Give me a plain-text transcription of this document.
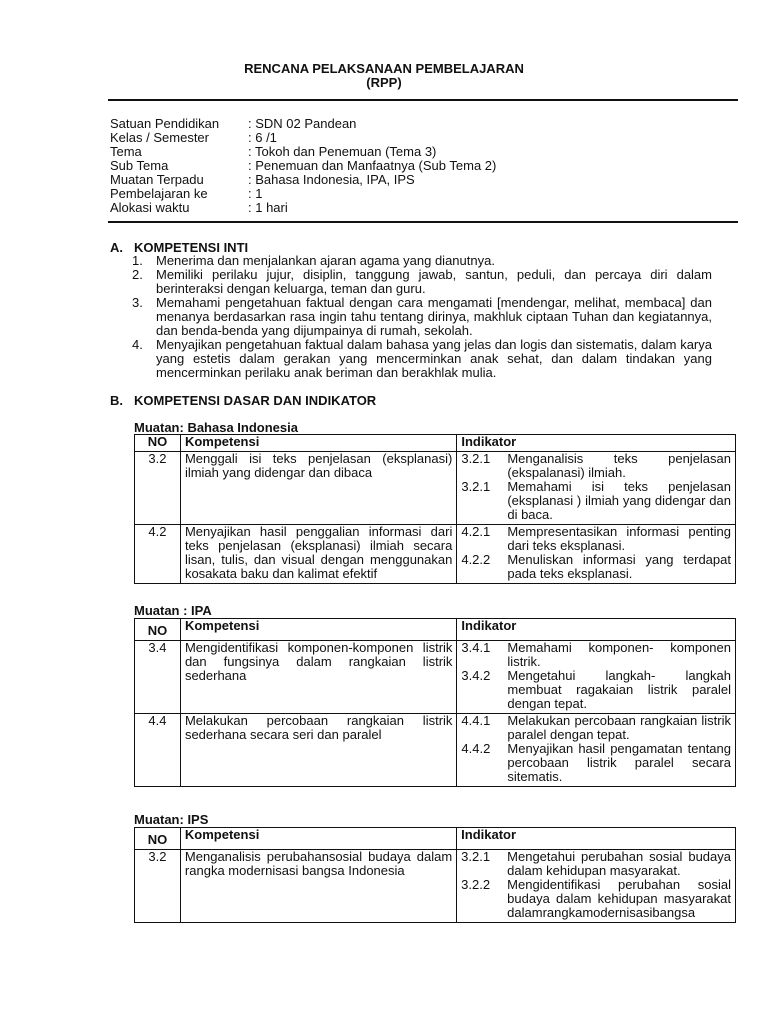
RENCANA PELAKSANAAN PEMBELAJARAN
(RPP)
Satuan Pendidikan : SDN 02 Pandean
Kelas / Semester	: 6 /1
Tema	: Tokoh dan Penemuan (Tema 3)
Sub Tema	: Penemuan dan Manfaatnya (Sub Tema 2)
Muatan Terpadu	: Bahasa Indonesia, IPA, IPS
Pembelajaran ke	: 1
Alokasi waktu	: 1 hari
A. KOMPETENSI INTI
1. Menerima dan menjalankan ajaran agama yang dianutnya.
2. Memiliki perilaku jujur, disiplin, tanggung jawab, santun, peduli, dan percaya diri dalam berinteraksi dengan keluarga, teman dan guru.
3. Memahami pengetahuan faktual dengan cara mengamati [mendengar, melihat, membaca] dan menanya berdasarkan rasa ingin tahu tentang dirinya, makhluk ciptaan Tuhan dan kegiatannya, dan benda-benda yang dijumpainya di rumah, sekolah.
4. Menyajikan pengetahuan faktual dalam bahasa yang jelas dan logis dan sistematis, dalam karya yang estetis dalam gerakan yang mencerminkan anak sehat, dan dalam tindakan yang mencerminkan perilaku anak beriman dan berakhlak mulia.
B. KOMPETENSI DASAR DAN INDIKATOR
Muatan: Bahasa Indonesia
NO	Kompetensi	Indikator
3.2	Menggali isi teks penjelasan (eksplanasi) ilmiah yang didengar dan dibaca	3.2.1 Menganalisis teks penjelasan (ekspalanasi) ilmiah.
3.2.1 Memahami isi teks penjelasan (eksplanasi ) ilmiah yang didengar dan di baca.

4.2	Menyajikan hasil penggalian informasi dari teks penjelasan (eksplanasi) ilmiah secara lisan, tulis, dan visual dengan menggunakan kosakata baku dan kalimat efektif	4.2.1 Mempresentasikan informasi penting dari teks eksplanasi.
4.2.2 Menuliskan informasi yang terdapat pada teks eksplanasi.
Muatan : IPA
NO	Kompetensi	Indikator
3.4	Mengidentifikasi komponen-komponen listrik dan fungsinya dalam rangkaian listrik sederhana	3.4.1 Memahami komponen- komponen listrik.
3.4.2 Mengetahui langkah- langkah membuat ragakaian listrik paralel dengan tepat.

4.4	Melakukan percobaan rangkaian listrik sederhana secara seri dan paralel	4.4.1 Melakukan percobaan rangkaian listrik paralel dengan tepat.
4.4.2 Menyajikan hasil pengamatan tentang percobaan listrik paralel secara sitematis.
Muatan: IPS
NO	Kompetensi	Indikator
3.2	Menganalisis perubahansosial budaya dalam rangka modernisasi bangsa Indonesia	3.2.1 Mengetahui perubahan sosial budaya dalam kehidupan masyarakat.
3.2.2 Mengidentifikasi perubahan sosial budaya dalam kehidupan masyarakat dalamrangkamodernisasibangsa
